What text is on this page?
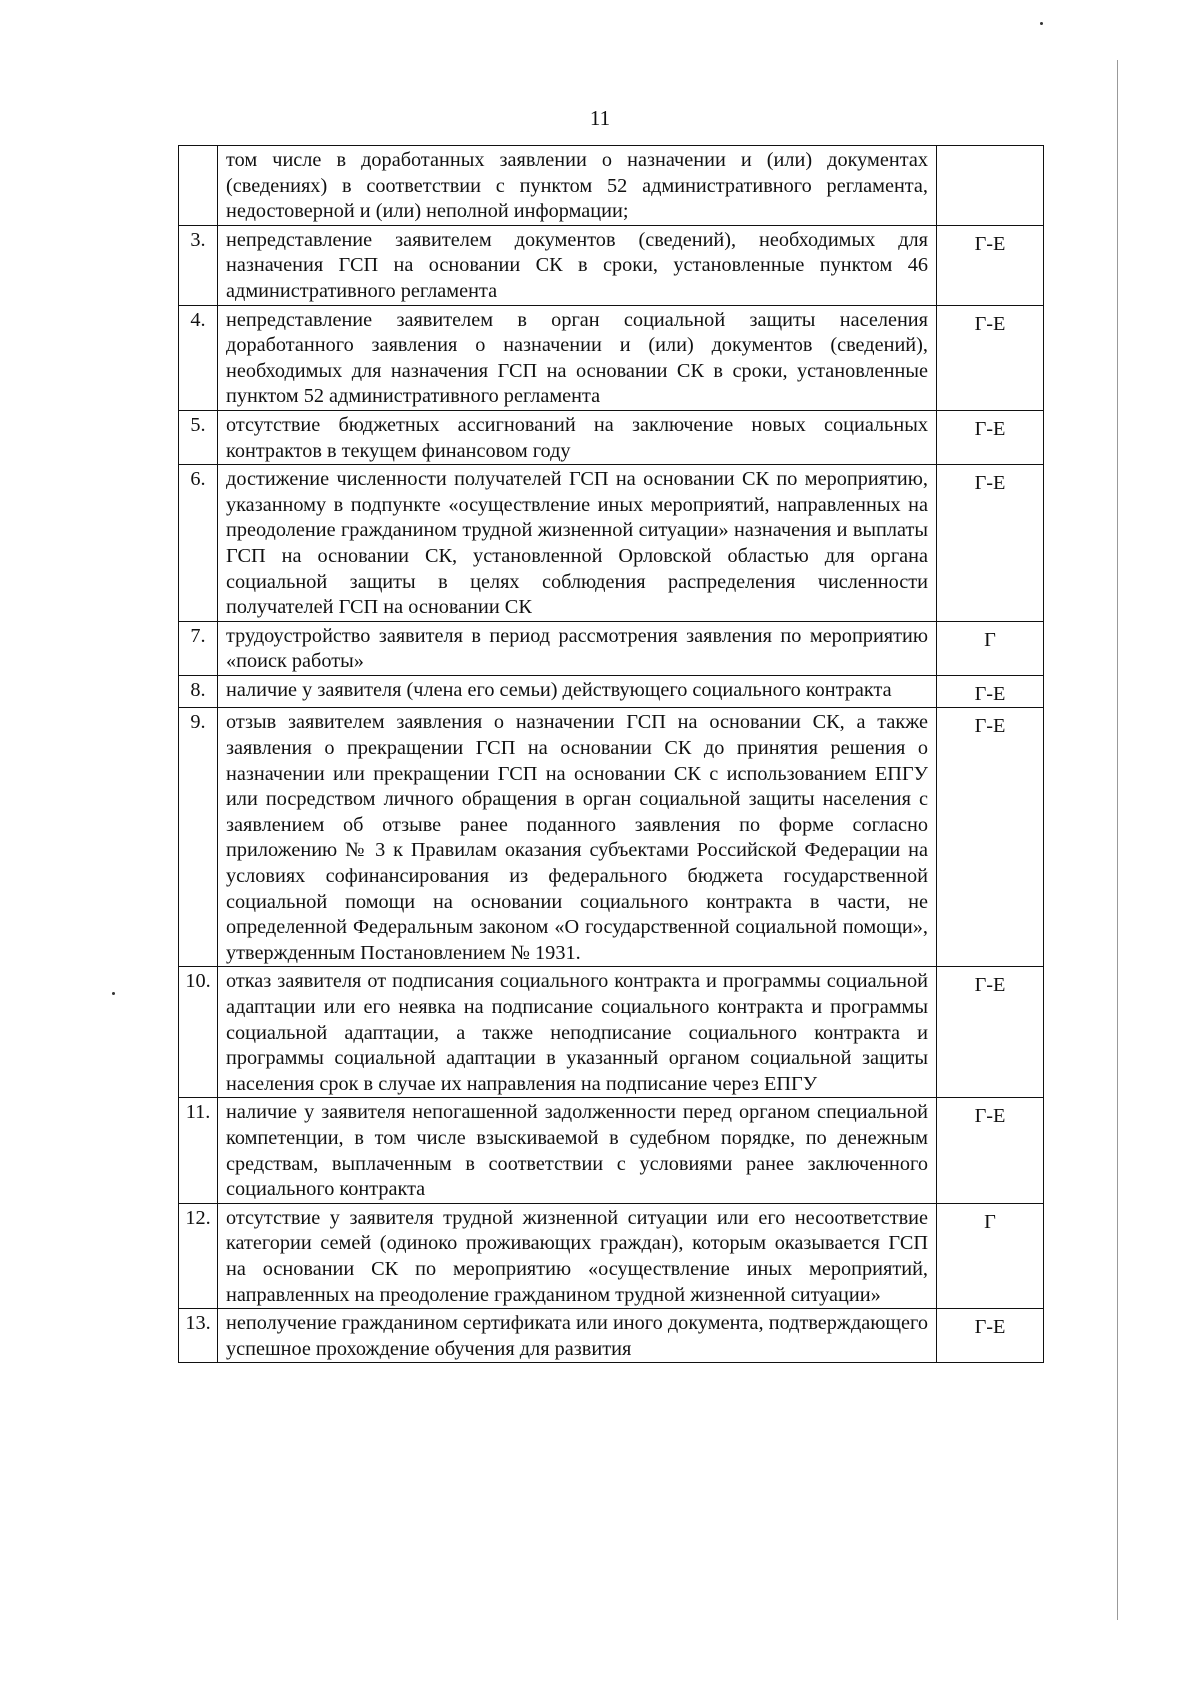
11
	том числе в доработанных заявлении о назначении и (или) документах (сведениях) в соответствии с пунктом 52 административного регламента, недостоверной и (или) неполной информации;	
3.	непредставление заявителем документов (сведений), необходимых для назначения ГСП на основании СК в сроки, установленные пунктом 46 административного регламента	Г-Е
4.	непредставление заявителем в орган социальной защиты населения доработанного заявления о назначении и (или) документов (сведений), необходимых для назначения ГСП на основании СК в сроки, установленные пунктом 52 административного регламента	Г-Е
5.	отсутствие бюджетных ассигнований на заключение новых социальных контрактов в текущем финансовом году	Г-Е
6.	достижение численности получателей ГСП на основании СК по мероприятию, указанному в подпункте «осуществление иных мероприятий, направленных на преодоление гражданином трудной жизненной ситуации» назначения и выплаты ГСП на основании СК, установленной Орловской областью для органа социальной защиты в целях соблюдения распределения численности получателей ГСП на основании СК	Г-Е
7.	трудоустройство заявителя в период рассмотрения заявления по мероприятию «поиск работы»	Г
8.	наличие у заявителя (члена его семьи) действующего социального контракта	Г-Е
9.	отзыв заявителем заявления о назначении ГСП на основании СК, а также заявления о прекращении ГСП на основании СК до принятия решения о назначении или прекращении ГСП на основании СК с использованием ЕПГУ или посредством личного обращения в орган социальной защиты населения с заявлением об отзыве ранее поданного заявления по форме согласно приложению № 3 к Правилам оказания субъектами Российской Федерации на условиях софинансирования из федерального бюджета государственной социальной помощи на основании социального контракта в части, не определенной Федеральным законом «О государственной социальной помощи», утвержденным Постановлением № 1931.	Г-Е
10.	отказ заявителя от подписания социального контракта и программы социальной адаптации или его неявка на подписание социального контракта и программы социальной адаптации, а также неподписание социального контракта и программы социальной адаптации в указанный органом социальной защиты населения срок в случае их направления на подписание через ЕПГУ	Г-Е
11.	наличие у заявителя непогашенной задолженности перед органом специальной компетенции, в том числе взыскиваемой в судебном порядке, по денежным средствам, выплаченным в соответствии с условиями ранее заключенного социального контракта	Г-Е
12.	отсутствие у заявителя трудной жизненной ситуации или его несоответствие категории семей (одиноко проживающих граждан), которым оказывается ГСП на основании СК по мероприятию «осуществление иных мероприятий, направленных на преодоление гражданином трудной жизненной ситуации»	Г
13.	неполучение гражданином сертификата или иного документа, подтверждающего успешное прохождение обучения для развития	Г-Е
